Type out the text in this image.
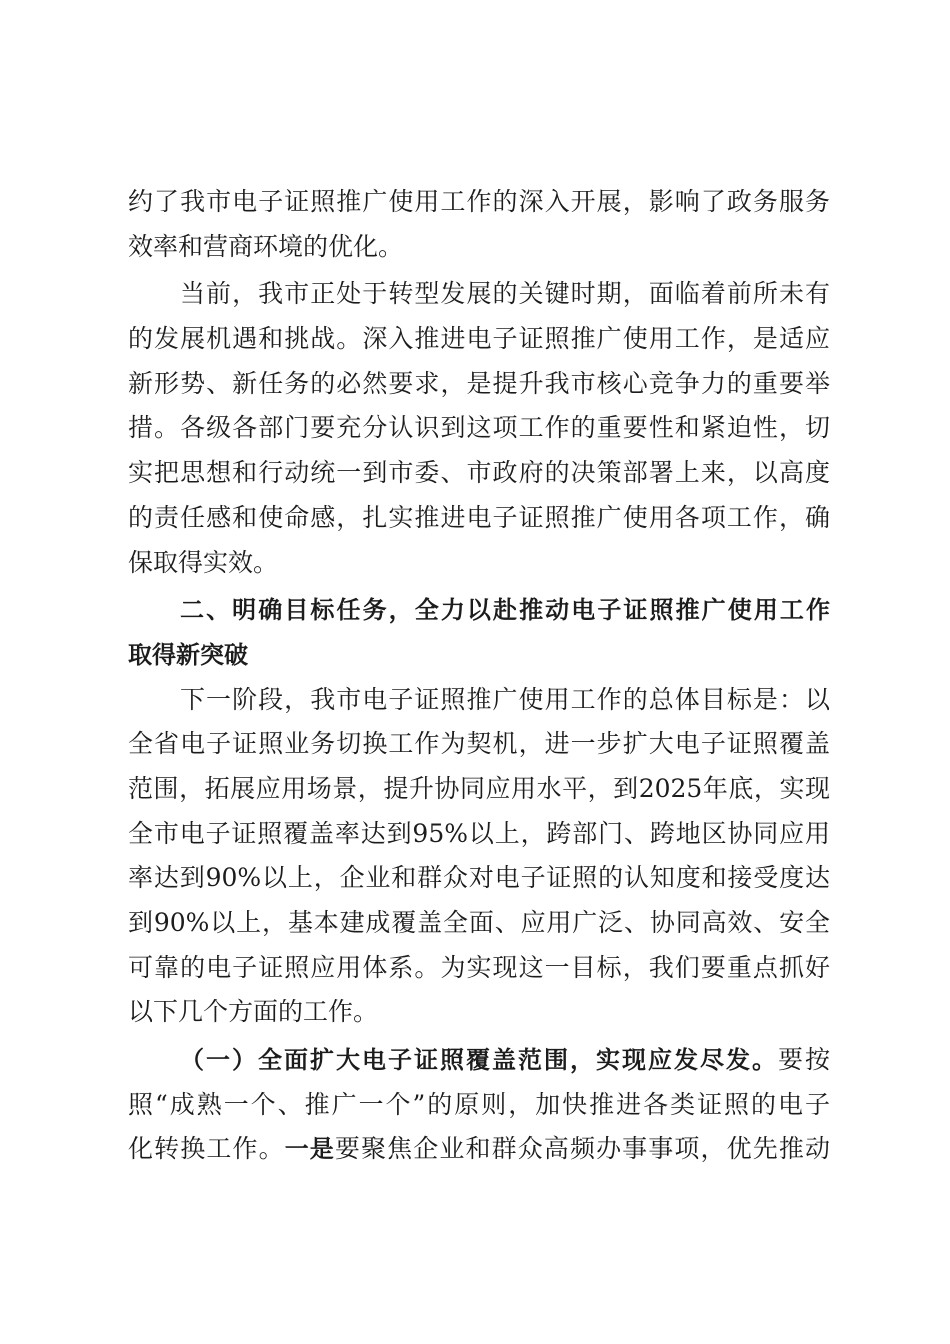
约了我市电子证照推广使用工作的深入开展，影响了政务服务
效率和营商环境的优化。
当前，我市正处于转型发展的关键时期，面临着前所未有
的发展机遇和挑战。深入推进电子证照推广使用工作，是适应
新形势、新任务的必然要求，是提升我市核心竞争力的重要举
措。各级各部门要充分认识到这项工作的重要性和紧迫性，切
实把思想和行动统一到市委、市政府的决策部署上来，以高度
的责任感和使命感，扎实推进电子证照推广使用各项工作，确
保取得实效。
二、明确目标任务，全力以赴推动电子证照推广使用工作
取得新突破
下一阶段，我市电子证照推广使用工作的总体目标是：以
全省电子证照业务切换工作为契机，进一步扩大电子证照覆盖
范围，拓展应用场景，提升协同应用水平，到2025年底，实现
全市电子证照覆盖率达到95%以上，跨部门、跨地区协同应用
率达到90%以上，企业和群众对电子证照的认知度和接受度达
到90%以上，基本建成覆盖全面、应用广泛、协同高效、安全
可靠的电子证照应用体系。为实现这一目标，我们要重点抓好
以下几个方面的工作。
（一）全面扩大电子证照覆盖范围，实现应发尽发。要按
照“成熟一个、推广一个”的原则，加快推进各类证照的电子
化转换工作。一是要聚焦企业和群众高频办事事项，优先推动
